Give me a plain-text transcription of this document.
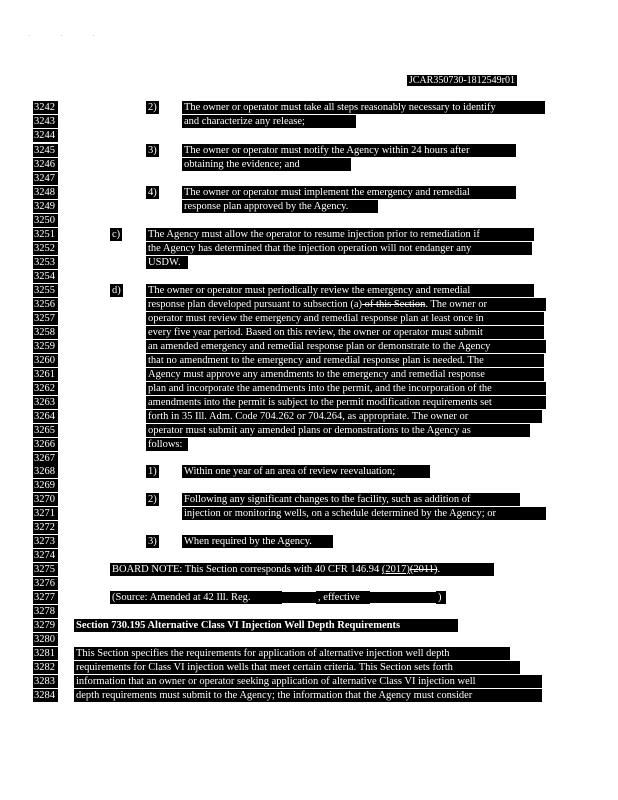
· · ·
JCAR350730-1812549r01
3242	2)	The owner or operator must take all steps reasonably necessary to identify
3243	and characterize any release;
3244
3245	3)	The owner or operator must notify the Agency within 24 hours after
3246	obtaining the evidence; and
3247
3248	4)	The owner or operator must implement the emergency and remedial
3249	response plan approved by the Agency.
3250
3251	c)	The Agency must allow the operator to resume injection prior to remediation if
3252	the Agency has determined that the injection operation will not endanger any
3253	USDW.
3254
3255	d)	The owner or operator must periodically review the emergency and remedial
3256	response plan developed pursuant to subsection (a) of this Section. The owner or
3257	operator must review the emergency and remedial response plan at least once in
3258	every five year period. Based on this review, the owner or operator must submit
3259	an amended emergency and remedial response plan or demonstrate to the Agency
3260	that no amendment to the emergency and remedial response plan is needed. The
3261	Agency must approve any amendments to the emergency and remedial response
3262	plan and incorporate the amendments into the permit, and the incorporation of the
3263	amendments into the permit is subject to the permit modification requirements set
3264	forth in 35 Ill. Adm. Code 704.262 or 704.264, as appropriate. The owner or
3265	operator must submit any amended plans or demonstrations to the Agency as
3266	follows:
3267
3268	1)	Within one year of an area of review reevaluation;
3269
3270	2)	Following any significant changes to the facility, such as addition of
3271	injection or monitoring wells, on a schedule determined by the Agency; or
3272
3273	3)	When required by the Agency.
3274
3275	BOARD NOTE: This Section corresponds with 40 CFR 146.94 (2017)(2011).
3276
3277	(Source: Amended at 42 Ill. Reg.	, effective	)
3278
3279 Section 730.195 Alternative Class VI Injection Well Depth Requirements
3280
3281 This Section specifies the requirements for application of alternative injection well depth
3282 requirements for Class VI injection wells that meet certain criteria. This Section sets forth
3283 information that an owner or operator seeking application of alternative Class VI injection well
3284 depth requirements must submit to the Agency; the information that the Agency must consider
